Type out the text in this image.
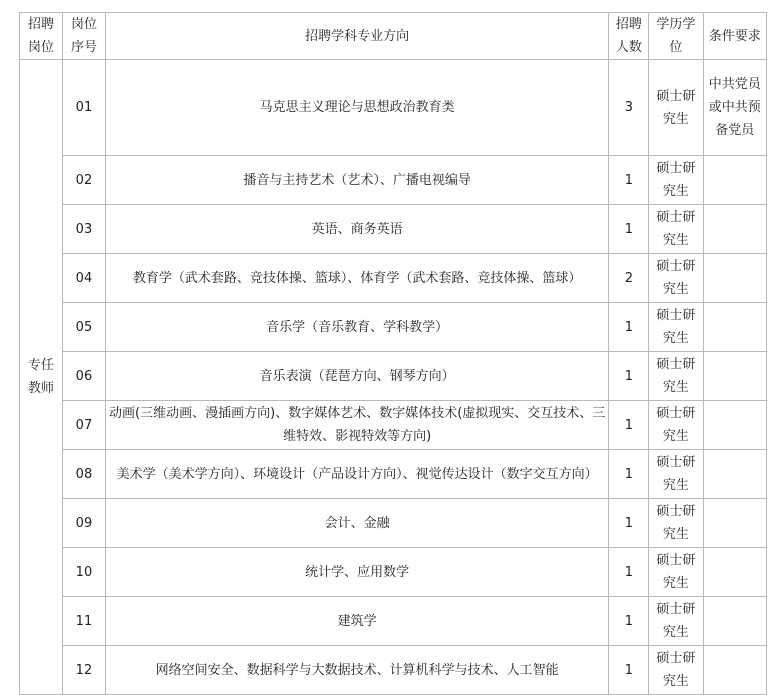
招聘岗位	岗位序号	招聘学科专业方向	招聘人数	学历学位	条件要求
专任教师	01	马克思主义理论与思想政治教育类	3	硕士研究生	中共党员或中共预备党员
	02	播音与主持艺术（艺术）、广播电视编导	1	硕士研究生	
	03	英语、商务英语	1	硕士研究生	
	04	教育学（武术套路、竞技体操、篮球）、体育学（武术套路、竞技体操、篮球）	2	硕士研究生	
	05	音乐学（音乐教育、学科教学）	1	硕士研究生	
	06	音乐表演（琵琶方向、钢琴方向）	1	硕士研究生	
	07	动画(三维动画、漫插画方向)、数字媒体艺术、数字媒体技术(虚拟现实、交互技术、三维特效、影视特效等方向)	1	硕士研究生	
	08	美术学（美术学方向）、环境设计（产品设计方向）、视觉传达设计（数字交互方向）	1	硕士研究生	
	09	会计、金融	1	硕士研究生	
	10	统计学、应用数学	1	硕士研究生	
	11	建筑学	1	硕士研究生	
	12	网络空间安全、数据科学与大数据技术、计算机科学与技术、人工智能	1	硕士研究生	
